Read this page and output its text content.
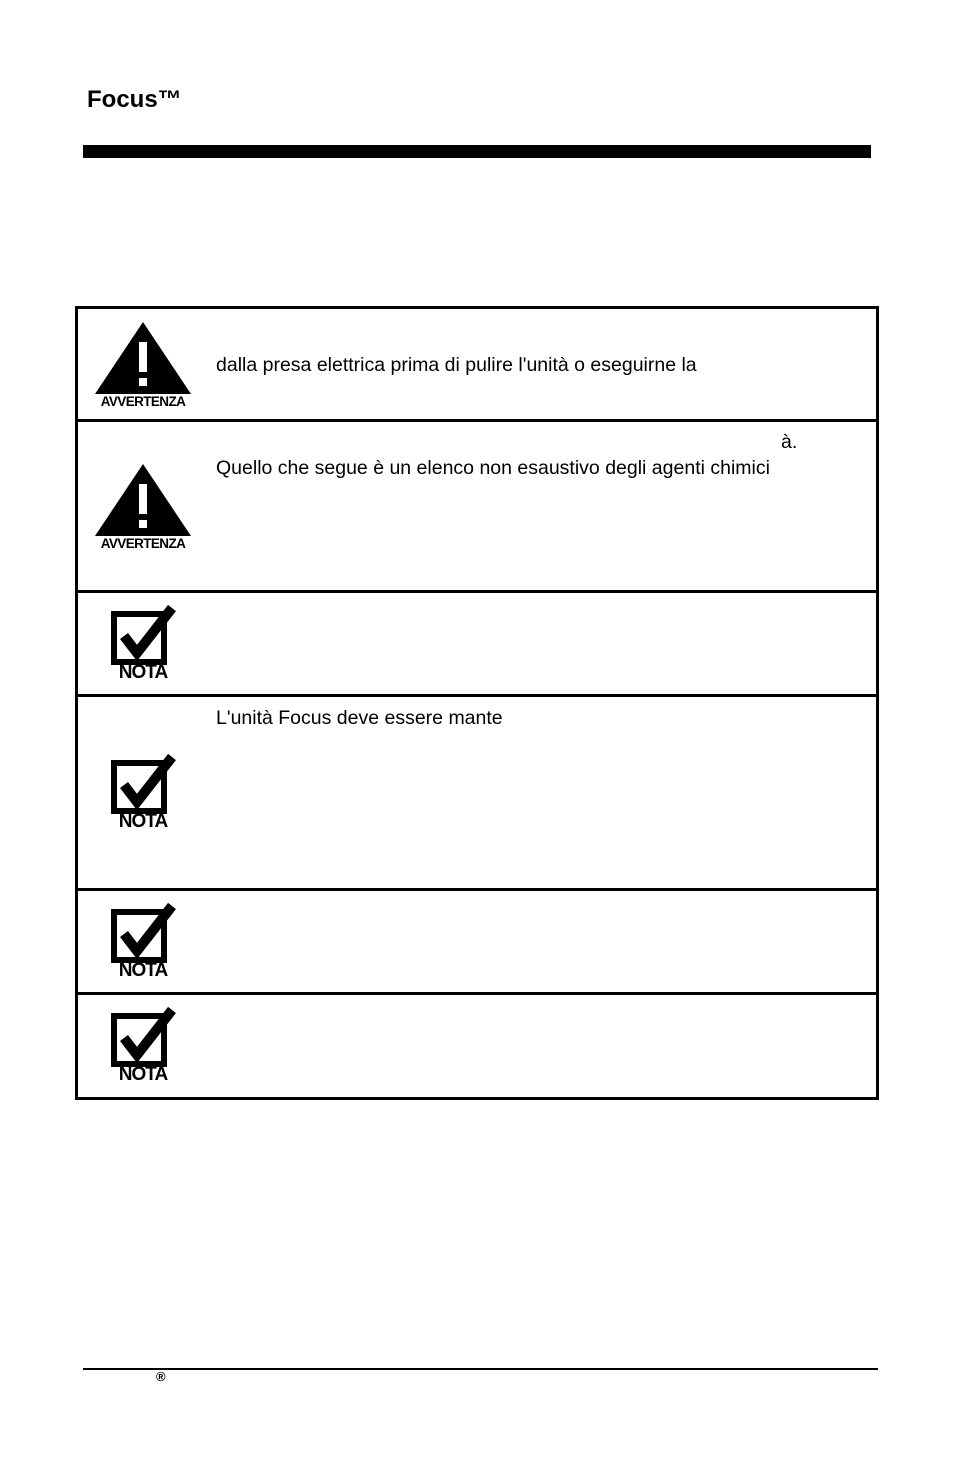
Focus™
AVVERTENZA
dalla presa elettrica prima di pulire l'unità o eseguirne la
AVVERTENZA
à.
Quello che segue è un elenco non esaustivo degli agenti chimici
NOTA
NOTA
L'unità Focus deve essere mante
NOTA
NOTA
®
